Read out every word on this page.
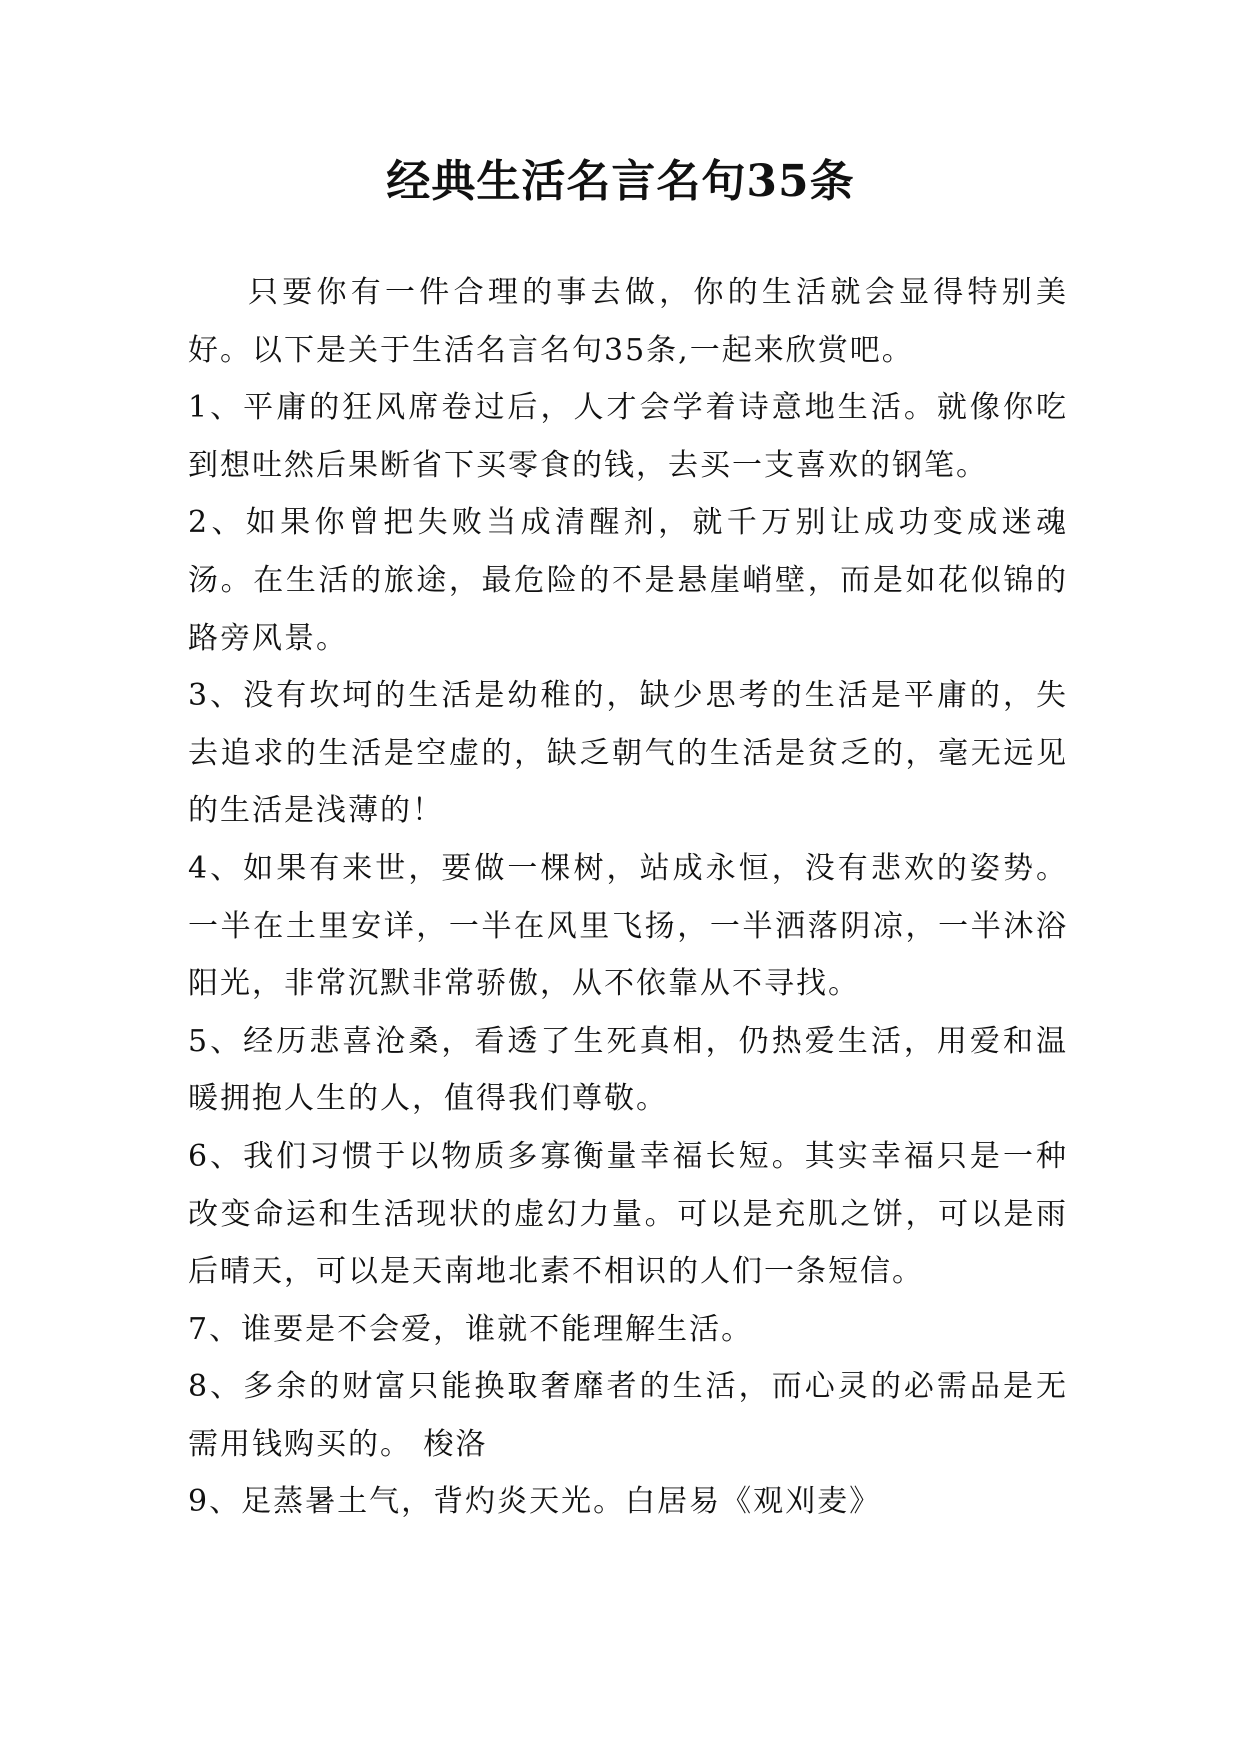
经典生活名言名句35条

只要你有一件合理的事去做，你的生活就会显得特别美好。以下是关于生活名言名句35条,一起来欣赏吧。

1、平庸的狂风席卷过后，人才会学着诗意地生活。就像你吃到想吐然后果断省下买零食的钱，去买一支喜欢的钢笔。

2、如果你曾把失败当成清醒剂，就千万别让成功变成迷魂汤。在生活的旅途，最危险的不是悬崖峭壁，而是如花似锦的路旁风景。

3、没有坎坷的生活是幼稚的，缺少思考的生活是平庸的，失去追求的生活是空虚的，缺乏朝气的生活是贫乏的，毫无远见的生活是浅薄的！

4、如果有来世，要做一棵树，站成永恒，没有悲欢的姿势。一半在土里安详，一半在风里飞扬，一半洒落阴凉，一半沐浴阳光，非常沉默非常骄傲，从不依靠从不寻找。

5、经历悲喜沧桑，看透了生死真相，仍热爱生活，用爱和温暖拥抱人生的人，值得我们尊敬。

6、我们习惯于以物质多寡衡量幸福长短。其实幸福只是一种改变命运和生活现状的虚幻力量。可以是充肌之饼，可以是雨后晴天，可以是天南地北素不相识的人们一条短信。

7、谁要是不会爱，谁就不能理解生活。

8、多余的财富只能换取奢靡者的生活，而心灵的必需品是无需用钱购买的。 梭洛

9、足蒸暑土气，背灼炎天光。白居易《观刈麦》
